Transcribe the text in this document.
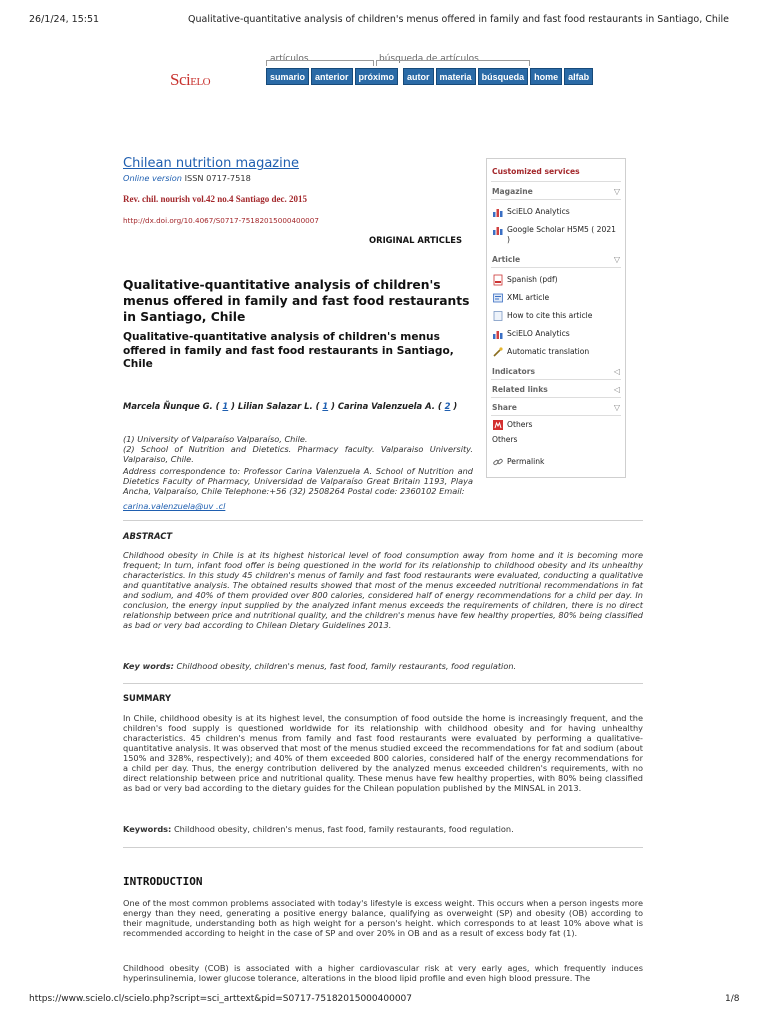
26/1/24, 15:51	Qualitative-quantitative analysis of children's menus offered in family and fast food restaurants in Santiago, Chile
SciELO
artículos	búsqueda de artículos
sumario	anterior	próximo	autor	materia	búsqueda	home	alfab
Chilean nutrition magazine
Online version ISSN 0717-7518
Rev. chil. nourish vol.42 no.4 Santiago dec. 2015
http://dx.doi.org/10.4067/S0717-75182015000400007
ORIGINAL ARTICLES
Qualitative-quantitative analysis of children's menus offered in family and fast food restaurants in Santiago, Chile
Qualitative-quantitative analysis of children's menus offered in family and fast food restaurants in Santiago, Chile
Marcela Ñunque G. ( 1 ) Lilian Salazar L. ( 1 ) Carina Valenzuela A. ( 2 )
(1) University of Valparaíso Valparaíso, Chile.
(2) School of Nutrition and Dietetics. Pharmacy faculty. Valparaiso University. Valparaiso, Chile.
Address correspondence to: Professor Carina Valenzuela A. School of Nutrition and Dietetics Faculty of Pharmacy, Universidad de Valparaíso Great Britain 1193, Playa Ancha, Valparaíso, Chile Telephone:+56 (32) 2508264 Postal code: 2360102 Email:
carina.valenzuela@uv .cl
ABSTRACT
Childhood obesity in Chile is at its highest historical level of food consumption away from home and it is becoming more frequent; In turn, infant food offer is being questioned in the world for its relationship to childhood obesity and its unhealthy characteristics. In this study 45 children's menus of family and fast food restaurants were evaluated, conducting a qualitative and quantitative analysis. The obtained results showed that most of the menus exceeded nutritional recommendations in fat and sodium, and 40% of them provided over 800 calories, considered half of energy recommendations for a child per day. In conclusion, the energy input supplied by the analyzed infant menus exceeds the requirements of children, there is no direct relationship between price and nutritional quality, and the children's menus have few healthy properties, 80% being classified as bad or very bad according to Chilean Dietary Guidelines 2013.
Key words: Childhood obesity, children's menus, fast food, family restaurants, food regulation.
SUMMARY
In Chile, childhood obesity is at its highest level, the consumption of food outside the home is increasingly frequent, and the children's food supply is questioned worldwide for its relationship with childhood obesity and for having unhealthy characteristics. 45 children's menus from family and fast food restaurants were evaluated by performing a qualitative-quantitative analysis. It was observed that most of the menus studied exceed the recommendations for fat and sodium (about 150% and 328%, respectively); and 40% of them exceeded 800 calories, considered half of the energy recommendations for a child per day. Thus, the energy contribution delivered by the analyzed menus exceeded children's requirements, with no direct relationship between price and nutritional quality. These menus have few healthy properties, with 80% being classified as bad or very bad according to the dietary guides for the Chilean population published by the MINSAL in 2013.
Keywords: Childhood obesity, children's menus, fast food, family restaurants, food regulation.
INTRODUCTION
One of the most common problems associated with today's lifestyle is excess weight. This occurs when a person ingests more energy than they need, generating a positive energy balance, qualifying as overweight (SP) and obesity (OB) according to their magnitude, understanding both as high weight for a person's height. which corresponds to at least 10% above what is recommended according to height in the case of SP and over 20% in OB and as a result of excess body fat (1).
Childhood obesity (COB) is associated with a higher cardiovascular risk at very early ages, which frequently induces hyperinsulinemia, lower glucose tolerance, alterations in the blood lipid profile and even high blood pressure. The
Customized services
Magazine	▽
SciELO Analytics
Google Scholar H5M5 ( 2021 )
Article	▽
Spanish (pdf)
XML article
How to cite this article
SciELO Analytics
Automatic translation
Indicators	◁
Related links	◁
Share	▽
Others
Others
Permalink
https://www.scielo.cl/scielo.php?script=sci_arttext&pid=S0717-75182015000400007	1/8
